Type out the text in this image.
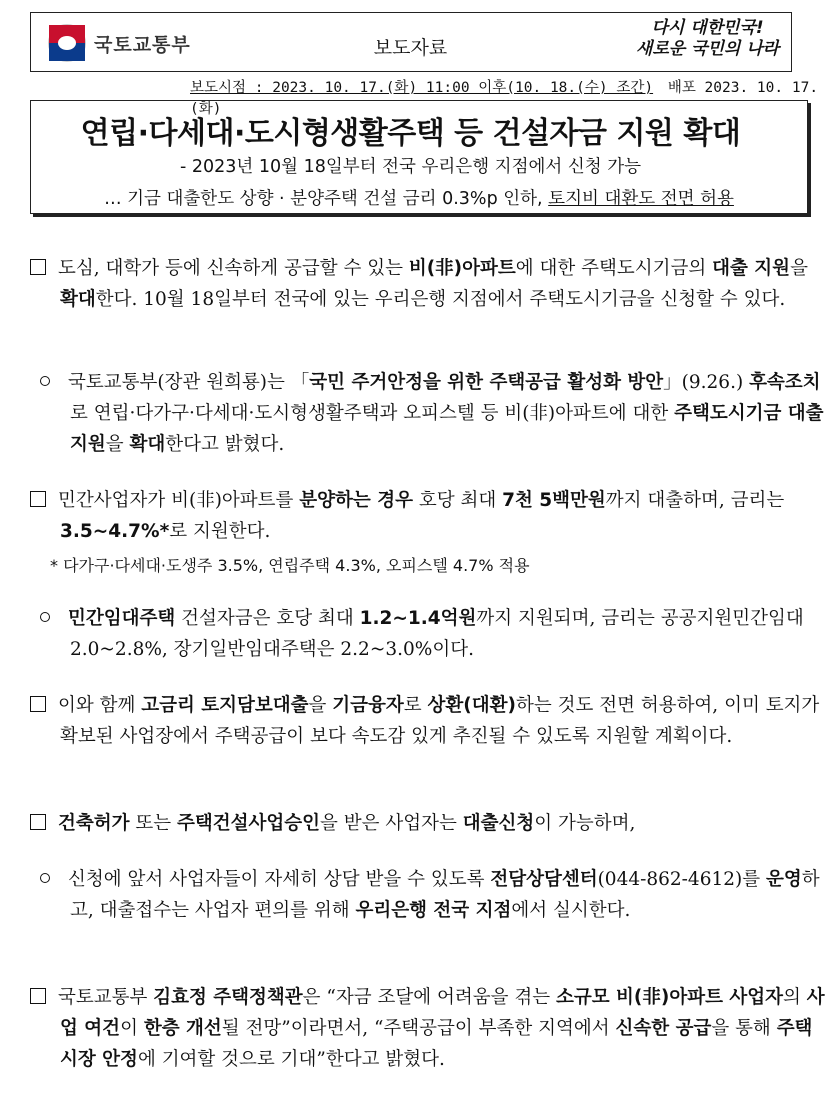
국토교통부	보도자료
다시 대한민국!
새로운 국민의 나라
보도시점 : 2023. 10. 17.(화) 11:00 이후(10. 18.(수) 조간) 배포 2023. 10. 17.(화)
연립·다세대·도시형생활주택 등 건설자금 지원 확대
- 2023년 10월 18일부터 전국 우리은행 지점에서 신청 가능
… 기금 대출한도 상향 · 분양주택 건설 금리 0.3%p 인하, 토지비 대환도 전면 허용
도심, 대학가 등에 신속하게 공급할 수 있는 비(非)아파트에 대한 주택도시기금의 대출 지원을 확대한다. 10월 18일부터 전국에 있는 우리은행 지점에서 주택도시기금을 신청할 수 있다.
국토교통부(장관 원희룡)는 「국민 주거안정을 위한 주택공급 활성화 방안」(9.26.) 후속조치로 연립·다가구·다세대·도시형생활주택과 오피스텔 등 비(非)아파트에 대한 주택도시기금 대출 지원을 확대한다고 밝혔다.
민간사업자가 비(非)아파트를 분양하는 경우 호당 최대 7천 5백만원까지 대출하며, 금리는 3.5~4.7%*로 지원한다.
* 다가구·다세대·도생주 3.5%, 연립주택 4.3%, 오피스텔 4.7% 적용
민간임대주택 건설자금은 호당 최대 1.2~1.4억원까지 지원되며, 금리는 공공지원민간임대 2.0~2.8%, 장기일반임대주택은 2.2~3.0%이다.
이와 함께 고금리 토지담보대출을 기금융자로 상환(대환)하는 것도 전면 허용하여, 이미 토지가 확보된 사업장에서 주택공급이 보다 속도감 있게 추진될 수 있도록 지원할 계획이다.
건축허가 또는 주택건설사업승인을 받은 사업자는 대출신청이 가능하며,
신청에 앞서 사업자들이 자세히 상담 받을 수 있도록 전담상담센터(044-862-4612)를 운영하고, 대출접수는 사업자 편의를 위해 우리은행 전국 지점에서 실시한다.
국토교통부 김효정 주택정책관은 “자금 조달에 어려움을 겪는 소규모 비(非)아파트 사업자의 사업 여건이 한층 개선될 전망”이라면서, “주택공급이 부족한 지역에서 신속한 공급을 통해 주택시장 안정에 기여할 것으로 기대”한다고 밝혔다.
